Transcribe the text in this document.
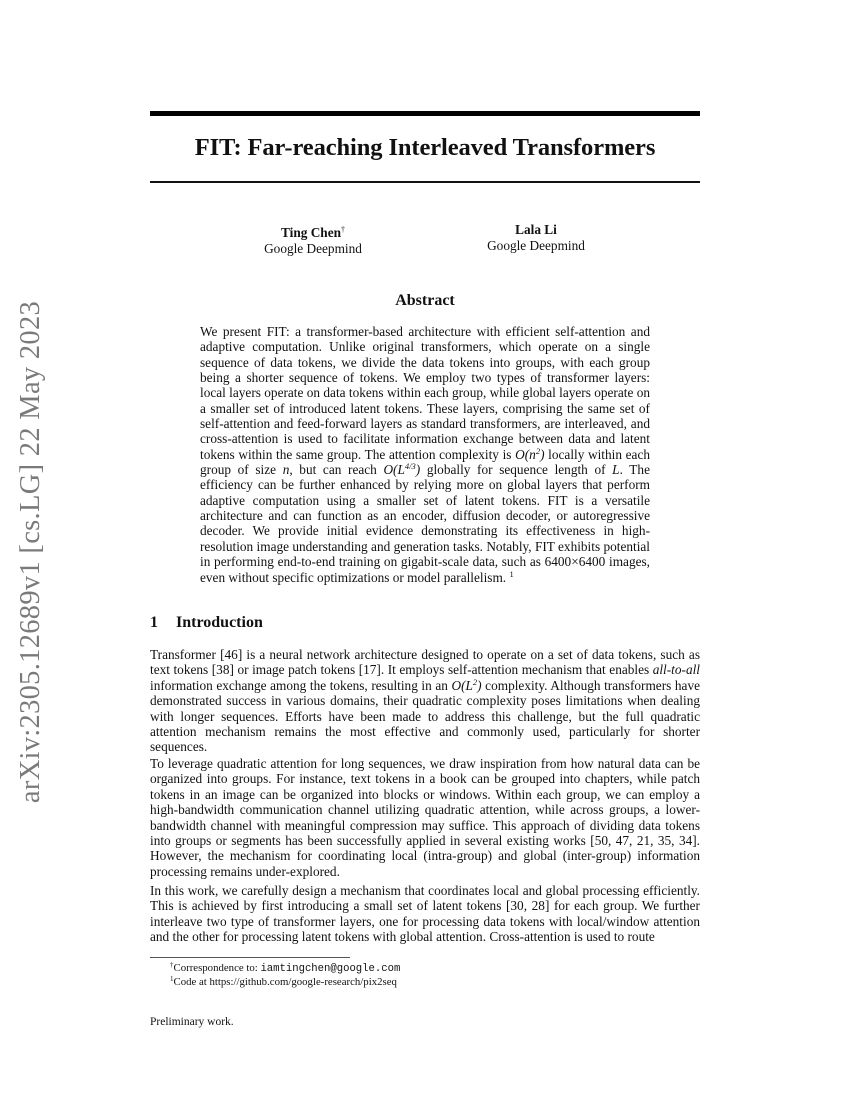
arXiv:2305.12689v1 [cs.LG] 22 May 2023
FIT: Far-reaching Interleaved Transformers
Ting Chen†
Google Deepmind
Lala Li
Google Deepmind
Abstract
We present FIT: a transformer-based architecture with efficient self-attention and adaptive computation. Unlike original transformers, which operate on a single sequence of data tokens, we divide the data tokens into groups, with each group being a shorter sequence of tokens. We employ two types of transformer layers: local layers operate on data tokens within each group, while global layers operate on a smaller set of introduced latent tokens. These layers, comprising the same set of self-attention and feed-forward layers as standard transformers, are interleaved, and cross-attention is used to facilitate information exchange between data and latent tokens within the same group. The attention complexity is $O(n^2)$ locally within each group of size n, but can reach $O(L^{4/3})$ globally for sequence length of L. The efficiency can be further enhanced by relying more on global layers that perform adaptive computation using a smaller set of latent tokens. FIT is a versatile architecture and can function as an encoder, diffusion decoder, or autoregressive decoder. We provide initial evidence demonstrating its effectiveness in high-resolution image understanding and generation tasks. Notably, FIT exhibits potential in performing end-to-end training on gigabit-scale data, such as 6400×6400 images, even without specific optimizations or model parallelism. $^1$
1 Introduction

Transformer [46] is a neural network architecture designed to operate on a set of data tokens, such as text tokens [38] or image patch tokens [17]. It employs self-attention mechanism that enables all-to-all information exchange among the tokens, resulting in an $O(L^2)$ complexity. Although transformers have demonstrated success in various domains, their quadratic complexity poses limitations when dealing with longer sequences. Efforts have been made to address this challenge, but the full quadratic attention mechanism remains the most effective and commonly used, particularly for shorter sequences.

To leverage quadratic attention for long sequences, we draw inspiration from how natural data can be organized into groups. For instance, text tokens in a book can be grouped into chapters, while patch tokens in an image can be organized into blocks or windows. Within each group, we can employ a high-bandwidth communication channel utilizing quadratic attention, while across groups, a lower-bandwidth channel with meaningful compression may suffice. This approach of dividing data tokens into groups or segments has been successfully applied in several existing works [50, 47, 21, 35, 34]. However, the mechanism for coordinating local (intra-group) and global (inter-group) information processing remains under-explored.

In this work, we carefully design a mechanism that coordinates local and global processing efficiently. This is achieved by first introducing a small set of latent tokens [30, 28] for each group. We further interleave two type of transformer layers, one for processing data tokens with local/window attention and the other for processing latent tokens with global attention. Cross-attention is used to route

†Correspondence to: iamtingchen@google.com
$^1$Code at https://github.com/google-research/pix2seq
Preliminary work.
